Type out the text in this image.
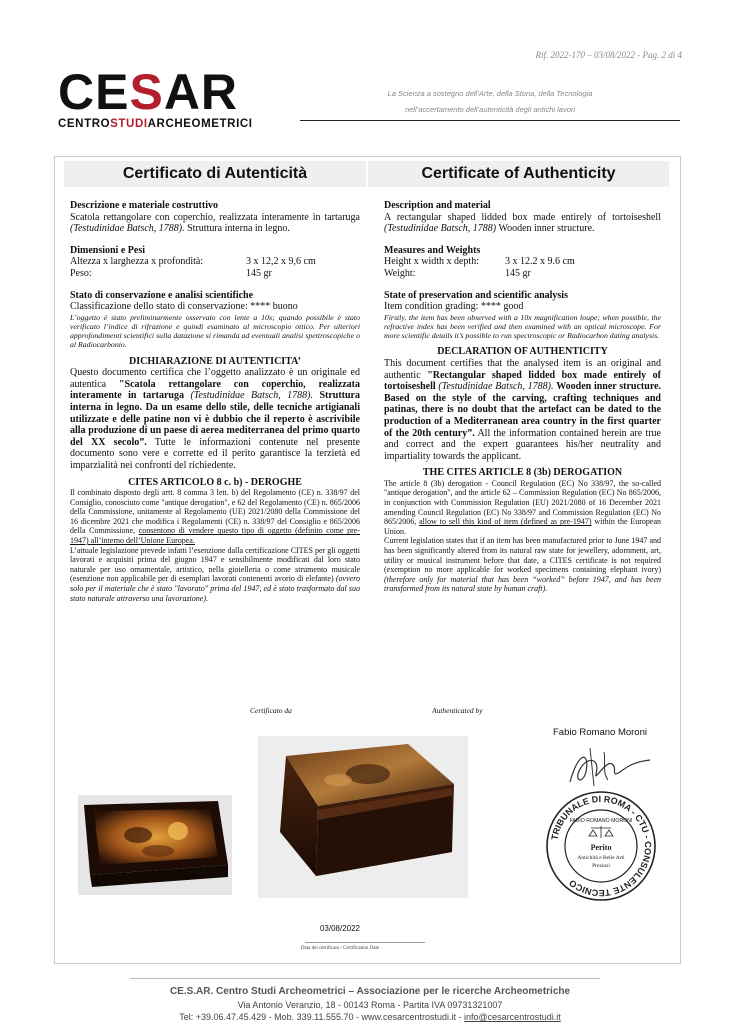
Rif. 2022-170 – 03/08/2022 - Pag. 2 di 4
CESAR
CENTROSTUDIARCHEOMETRICI
La Scienza a sostegno dell’Arte, della Storia, della Tecnologia
nell’accertamento dell’autenticità degli antichi lavori
Certificato di Autenticità	Certificate of Authenticity
Descrizione e materiale costruttivo

Scatola rettangolare con coperchio, realizzata interamente in tartaruga (Testudinidae Batsch, 1788). Struttura interna in legno.

Dimensioni e Pesi
Altezza x larghezza x profondità:	3 x 12,2 x 9,6 cm
Peso:	145 gr
Stato di conservazione e analisi scientifiche

Classificazione dello stato di conservazione: **** buono

L’oggetto è stato preliminarmente osservato con lente a 10x; quando possibile è stato verificato l’indice di rifrazione e quindi esaminato al microscopio ottico. Per ulteriori approfondimenti scientifici sulla datazione si rimanda ad eventuali analisi spettroscopiche o al Radiocarbonio.

DICHIARAZIONE DI AUTENTICITA’

Questo documento certifica che l’oggetto analizzato è un originale ed autentica "Scatola rettangolare con coperchio, realizzata interamente in tartaruga (Testudinidae Batsch, 1788). Struttura interna in legno. Da un esame dello stile, delle tecniche artigianali utilizzate e delle patine non vi è dubbio che il reperto è ascrivibile alla produzione di un paese di aerea mediterranea del primo quarto del XX secolo”. Tutte le informazioni contenute nel presente documento sono vere e corrette ed il perito garantisce la terzietà ed imparzialità nei confronti del richiedente.

CITES ARTICOLO 8 c. b) - DEROGHE

Il combinato disposto degli artt. 8 comma 3 lett. b) del Regolamento (CE) n. 338/97 del Consiglio, conosciuto come "antique derogation", e 62 del Regolamento (CE) n. 865/2006 della Commissione, unitamente al Regolamento (UE) 2021/2080 della Commissione del 16 dicembre 2021 che modifica i Regolamenti (CE) n. 338/97 del Consiglio e 865/2006 della Commissione, consentono di vendere questo tipo di oggetto (definito come pre-1947) all’interno dell’Unione Europea.
L’attuale legislazione prevede infatti l’esenzione dalla certificazione CITES per gli oggetti lavorati e acquisiti prima del giugno 1947 e sensibilmente modificati dal loro stato naturale per uso ornamentale, artistico, nella gioielleria o come strumento musicale (esenzione non applicabile per di esemplari lavorati contenenti avorio di elefante) (ovvero solo per il materiale che è stato "lavorato" prima del 1947, ed è stato trasformato dal suo stato naturale attraverso una lavorazione).

Description and material

A rectangular shaped lidded box made entirely of tortoiseshell (Testudinidae Batsch, 1788) Wooden inner structure.

Measures and Weights
Height x width x depth:	3 x 12.2 x 9.6 cm
Weight:	145 gr
State of preservation and scientific analysis

Item condition grading: **** good

Firstly, the item has been observed with a 10x magnification loupe; when possible, the refractive index has been verified and then examined with an optical microscope. For more scientific details it’s possible to run spectroscopic or Radiocarbon dating analysis.

DECLARATION OF AUTHENTICITY

This document certifies that the analysed item is an original and authentic "Rectangular shaped lidded box made entirely of tortoiseshell (Testudinidae Batsch, 1788). Wooden inner structure. Based on the style of the carving, crafting techniques and patinas, there is no doubt that the artefact can be dated to the production of a Mediterranean area country in the first quarter of the 20th century”. All the information contained herein are true and correct and the expert guarantees his/her neutrality and impartiality towards the applicant.

THE CITES ARTICLE 8 (3b) DEROGATION

The article 8 (3b) derogation - Council Regulation (EC) No 338/97, the so-called "antique derogation", and the article 62 – Commission Regulation (EC) No 865/2006, in conjunction with Commission Regulation (EU) 2021/2080 of 16 December 2021 amending Council Regulation (EC) No 338/97 and Commission Regulation (EC) No 865/2006, allow to sell this kind of item (defined as pre-1947) within the European Union.
Current legislation states that if an item has been manufactured prior to June 1947 and has been significantly altered from its natural raw state for jewellery, adornment, art, utility or musical instrument before that date, a CITES certificate is not required (exemption no more applicable for worked specimens containing elephant ivory) (therefore only for material that has been “worked” before 1947, and has been transformed from its natural state by human craft).

Certificato da	Authenticated by
Fabio Romano Moroni
TRIBUNALE DI ROMA - CTU - CONSULENTE TECNICO
FABIO ROMANO MORONI
Perito
Antichità e Belle Arti
Preziosi
03/08/2022
Data del certificato / Certification Date
CE.S.AR. Centro Studi Archeometrici – Associazione per le ricerche Archeometriche
Via Antonio Veranzio, 18 - 00143 Roma - Partita IVA 09731321007
Tel: +39.06.47.45.429 - Mob. 339.11.555.70 - www.cesarcentrostudi.it - info@cesarcentrostudi.it
